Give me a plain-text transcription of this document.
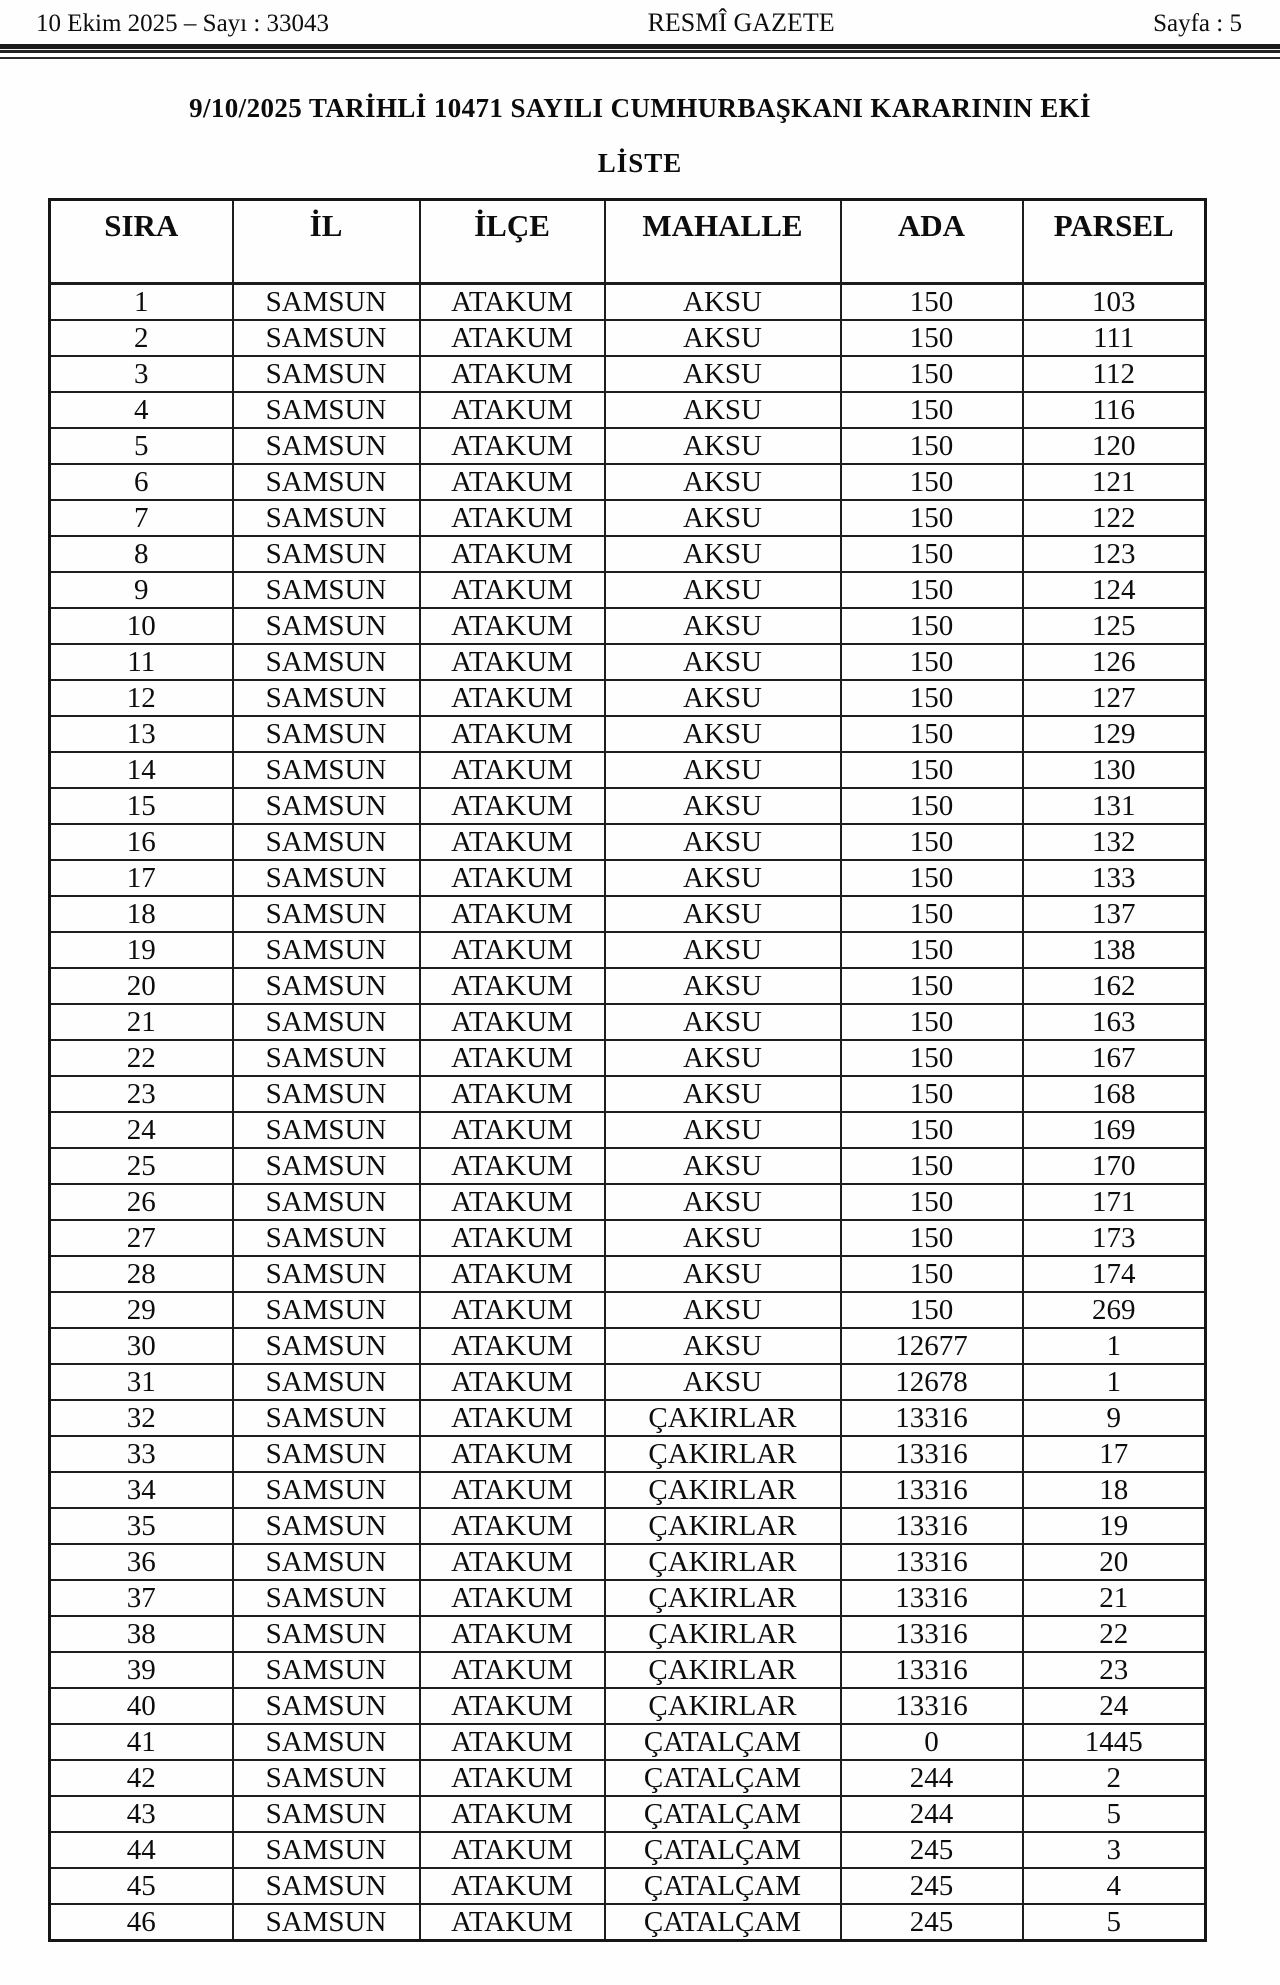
10 Ekim 2025 – Sayı : 33043	RESMÎ GAZETE	Sayfa : 5
9/10/2025 TARİHLİ 10471 SAYILI CUMHURBAŞKANI KARARININ EKİ
LİSTE
SIRA	İL	İLÇE	MAHALLE	ADA	PARSEL
1	SAMSUN	ATAKUM	AKSU	150	103
2	SAMSUN	ATAKUM	AKSU	150	111
3	SAMSUN	ATAKUM	AKSU	150	112
4	SAMSUN	ATAKUM	AKSU	150	116
5	SAMSUN	ATAKUM	AKSU	150	120
6	SAMSUN	ATAKUM	AKSU	150	121
7	SAMSUN	ATAKUM	AKSU	150	122
8	SAMSUN	ATAKUM	AKSU	150	123
9	SAMSUN	ATAKUM	AKSU	150	124
10	SAMSUN	ATAKUM	AKSU	150	125
11	SAMSUN	ATAKUM	AKSU	150	126
12	SAMSUN	ATAKUM	AKSU	150	127
13	SAMSUN	ATAKUM	AKSU	150	129
14	SAMSUN	ATAKUM	AKSU	150	130
15	SAMSUN	ATAKUM	AKSU	150	131
16	SAMSUN	ATAKUM	AKSU	150	132
17	SAMSUN	ATAKUM	AKSU	150	133
18	SAMSUN	ATAKUM	AKSU	150	137
19	SAMSUN	ATAKUM	AKSU	150	138
20	SAMSUN	ATAKUM	AKSU	150	162
21	SAMSUN	ATAKUM	AKSU	150	163
22	SAMSUN	ATAKUM	AKSU	150	167
23	SAMSUN	ATAKUM	AKSU	150	168
24	SAMSUN	ATAKUM	AKSU	150	169
25	SAMSUN	ATAKUM	AKSU	150	170
26	SAMSUN	ATAKUM	AKSU	150	171
27	SAMSUN	ATAKUM	AKSU	150	173
28	SAMSUN	ATAKUM	AKSU	150	174
29	SAMSUN	ATAKUM	AKSU	150	269
30	SAMSUN	ATAKUM	AKSU	12677	1
31	SAMSUN	ATAKUM	AKSU	12678	1
32	SAMSUN	ATAKUM	ÇAKIRLAR	13316	9
33	SAMSUN	ATAKUM	ÇAKIRLAR	13316	17
34	SAMSUN	ATAKUM	ÇAKIRLAR	13316	18
35	SAMSUN	ATAKUM	ÇAKIRLAR	13316	19
36	SAMSUN	ATAKUM	ÇAKIRLAR	13316	20
37	SAMSUN	ATAKUM	ÇAKIRLAR	13316	21
38	SAMSUN	ATAKUM	ÇAKIRLAR	13316	22
39	SAMSUN	ATAKUM	ÇAKIRLAR	13316	23
40	SAMSUN	ATAKUM	ÇAKIRLAR	13316	24
41	SAMSUN	ATAKUM	ÇATALÇAM	0	1445
42	SAMSUN	ATAKUM	ÇATALÇAM	244	2
43	SAMSUN	ATAKUM	ÇATALÇAM	244	5
44	SAMSUN	ATAKUM	ÇATALÇAM	245	3
45	SAMSUN	ATAKUM	ÇATALÇAM	245	4
46	SAMSUN	ATAKUM	ÇATALÇAM	245	5
